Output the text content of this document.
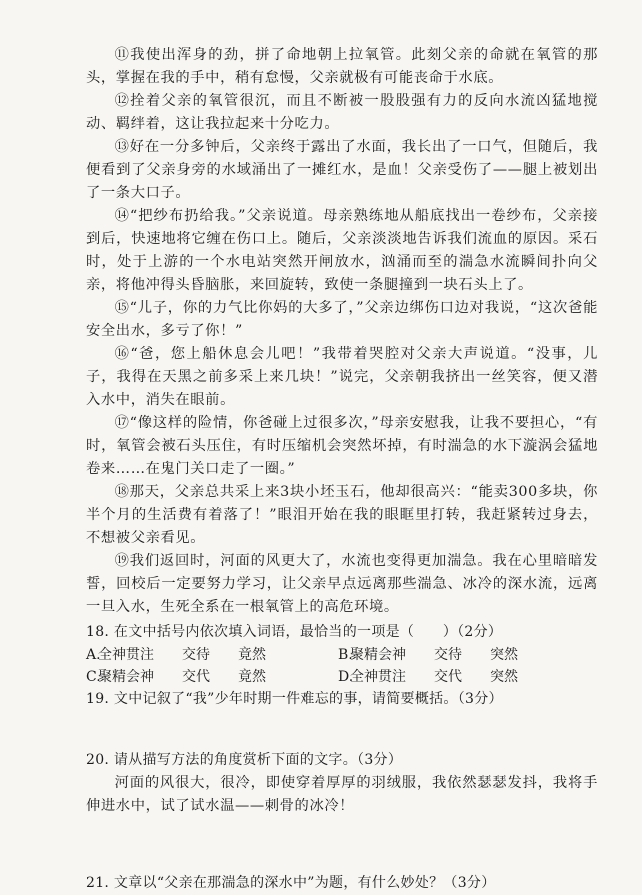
⑪我使出浑身的劲，拼了命地朝上拉氧管。此刻父亲的命就在氧管的那头，掌握在我的手中，稍有怠慢，父亲就极有可能丧命于水底。

⑫拴着父亲的氧管很沉，而且不断被一股股强有力的反向水流凶猛地搅动、羁绊着，这让我拉起来十分吃力。

⑬好在一分多钟后，父亲终于露出了水面，我长出了一口气，但随后，我便看到了父亲身旁的水域涌出了一摊红水，是血！父亲受伤了——腿上被划出了一条大口子。

⑭“把纱布扔给我。”父亲说道。母亲熟练地从船底找出一卷纱布，父亲接到后，快速地将它缠在伤口上。随后，父亲淡淡地告诉我们流血的原因。采石时，处于上游的一个水电站突然开闸放水，汹涌而至的湍急水流瞬间扑向父亲，将他冲得头昏脑胀，来回旋转，致使一条腿撞到一块石头上了。

⑮“儿子，你的力气比你妈的大多了，”父亲边绑伤口边对我说，“这次爸能安全出水，多亏了你！”

⑯“爸，您上船休息会儿吧！”我带着哭腔对父亲大声说道。“没事，儿子，我得在天黑之前多采上来几块！”说完，父亲朝我挤出一丝笑容，便又潜入水中，消失在眼前。

⑰“像这样的险情，你爸碰上过很多次，”母亲安慰我，让我不要担心，“有时，氧管会被石头压住，有时压缩机会突然坏掉，有时湍急的水下漩涡会猛地卷来……在鬼门关口走了一圈。”

⑱那天，父亲总共采上来3块小坯玉石，他却很高兴：“能卖300多块，你半个月的生活费有着落了！”眼泪开始在我的眼眶里打转，我赶紧转过身去，不想被父亲看见。

⑲我们返回时，河面的风更大了，水流也变得更加湍急。我在心里暗暗发誓，回校后一定要努力学习，让父亲早点远离那些湍急、冰冷的深水流，远离一旦入水，生死全系在一根氧管上的高危环境。

18. 在文中括号内依次填入词语，最恰当的一项是（　　）（2分）

A.
全神贯注 交待 竟然	B.
聚精会神 交待 突然
C.
聚精会神 交代 竟然	D.
全神贯注 交代 突然

19. 文中记叙了“我”少年时期一件难忘的事，请简要概括。（3分）

20. 请从描写方法的角度赏析下面的文字。（3分）

河面的风很大，很冷，即使穿着厚厚的羽绒服，我依然瑟瑟发抖，我将手伸进水中，试了试水温——刺骨的冰冷！

21. 文章以“父亲在那湍急的深水中”为题，有什么妙处？（3分）
